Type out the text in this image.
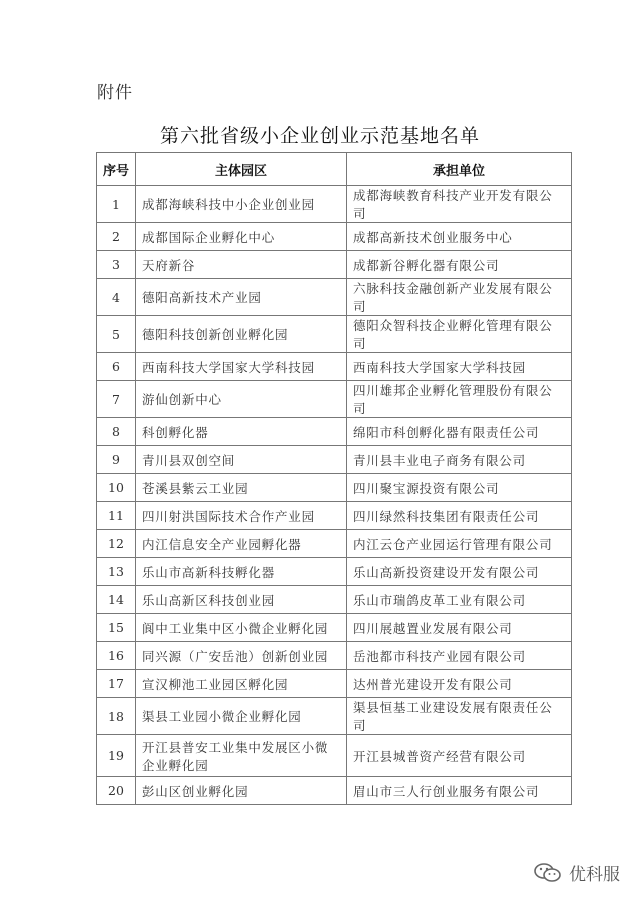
附件
第六批省级小企业创业示范基地名单
序号	主体园区	承担单位
1	成都海峡科技中小企业创业园	成都海峡教育科技产业开发有限公司
2	成都国际企业孵化中心	成都高新技术创业服务中心
3	天府新谷	成都新谷孵化器有限公司
4	德阳高新技术产业园	六脉科技金融创新产业发展有限公司
5	德阳科技创新创业孵化园	德阳众智科技企业孵化管理有限公司
6	西南科技大学国家大学科技园	西南科技大学国家大学科技园
7	游仙创新中心	四川雄邦企业孵化管理股份有限公司
8	科创孵化器	绵阳市科创孵化器有限责任公司
9	青川县双创空间	青川县丰业电子商务有限公司
10	苍溪县紫云工业园	四川聚宝源投资有限公司
11	四川射洪国际技术合作产业园	四川绿然科技集团有限责任公司
12	内江信息安全产业园孵化器	内江云仓产业园运行管理有限公司
13	乐山市高新科技孵化器	乐山高新投资建设开发有限公司
14	乐山高新区科技创业园	乐山市瑞鸽皮革工业有限公司
15	阆中工业集中区小微企业孵化园	四川展越置业发展有限公司
16	同兴源（广安岳池）创新创业园	岳池都市科技产业园有限公司
17	宣汉柳池工业园区孵化园	达州普光建设开发有限公司
18	渠县工业园小微企业孵化园	渠县恒基工业建设发展有限责任公司
19	开江县普安工业集中发展区小微企业孵化园	开江县城普资产经营有限公司
20	彭山区创业孵化园	眉山市三人行创业服务有限公司
优科服
